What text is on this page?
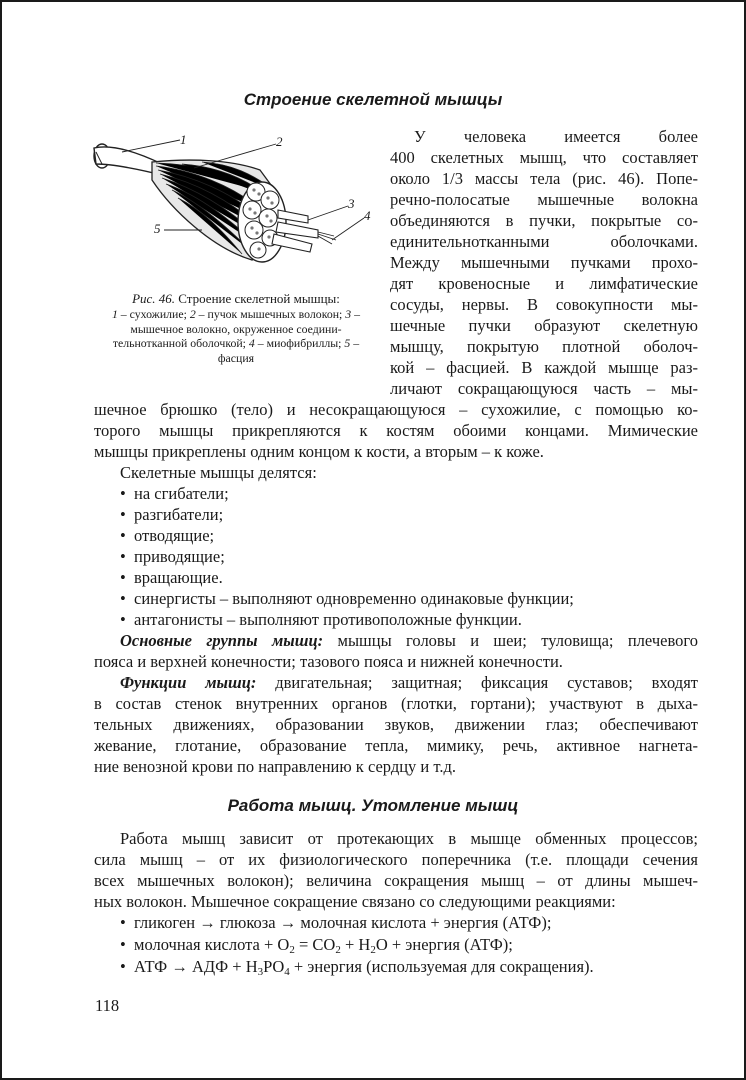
Строение скелетной мышцы
1	2
3
4
5
Рис. 46. Строение скелетной мышцы:
1 – сухожилие; 2 – пучок мышечных волокон; 3 – мышечное волокно, окруженное соедини-тельнотканной оболочкой; 4 – миофибриллы; 5 – фасция
У человека имеется более
400 скелетных мышц, что составляет
около 1/3 массы тела (рис. 46). Попе-
речно-полосатые мышечные волокна
объединяются в пучки, покрытые со-
единительнотканными оболочками.
Между мышечными пучками прохо-
дят кровеносные и лимфатические
сосуды, нервы. В совокупности мы-
шечные пучки образуют скелетную
мышцу, покрытую плотной оболоч-
кой – фасцией. В каждой мышце раз-
личают сокращающуюся часть – мы-
шечное брюшко (тело) и несокращающуюся – сухожилие, с помощью ко-
торого мышцы прикрепляются к костям обоими концами. Мимические
мышцы прикреплены одним концом к кости, а вторым – к коже.
Скелетные мышцы делятся:
• на сгибатели;
• разгибатели;
• отводящие;
• приводящие;
• вращающие.
• синергисты – выполняют одновременно одинаковые функции;
• антагонисты – выполняют противоположные функции.
Основные группы мышц: мышцы головы и шеи; туловища; плечевого
пояса и верхней конечности; тазового пояса и нижней конечности.
Функции мышц: двигательная; защитная; фиксация суставов; входят
в состав стенок внутренних органов (глотки, гортани); участвуют в дыха-
тельных движениях, образовании звуков, движении глаз; обеспечивают
жевание, глотание, образование тепла, мимику, речь, активное нагнета-
ние венозной крови по направлению к сердцу и т.д.
Работа мышц. Утомление мышц
Работа мышц зависит от протекающих в мышце обменных процессов;
сила мышц – от их физиологического поперечника (т.е. площади сечения
всех мышечных волокон); величина сокращения мышц – от длины мышеч-
ных волокон. Мышечное сокращение связано со следующими реакциями:
• гликоген → глюкоза → молочная кислота + энергия (АТФ);
• молочная кислота + $O_2 = CO_2 + H_2O$ + энергия (АТФ);
• АТФ → АДФ + $H_3PO_4$ + энергия (используемая для сокращения).
118
